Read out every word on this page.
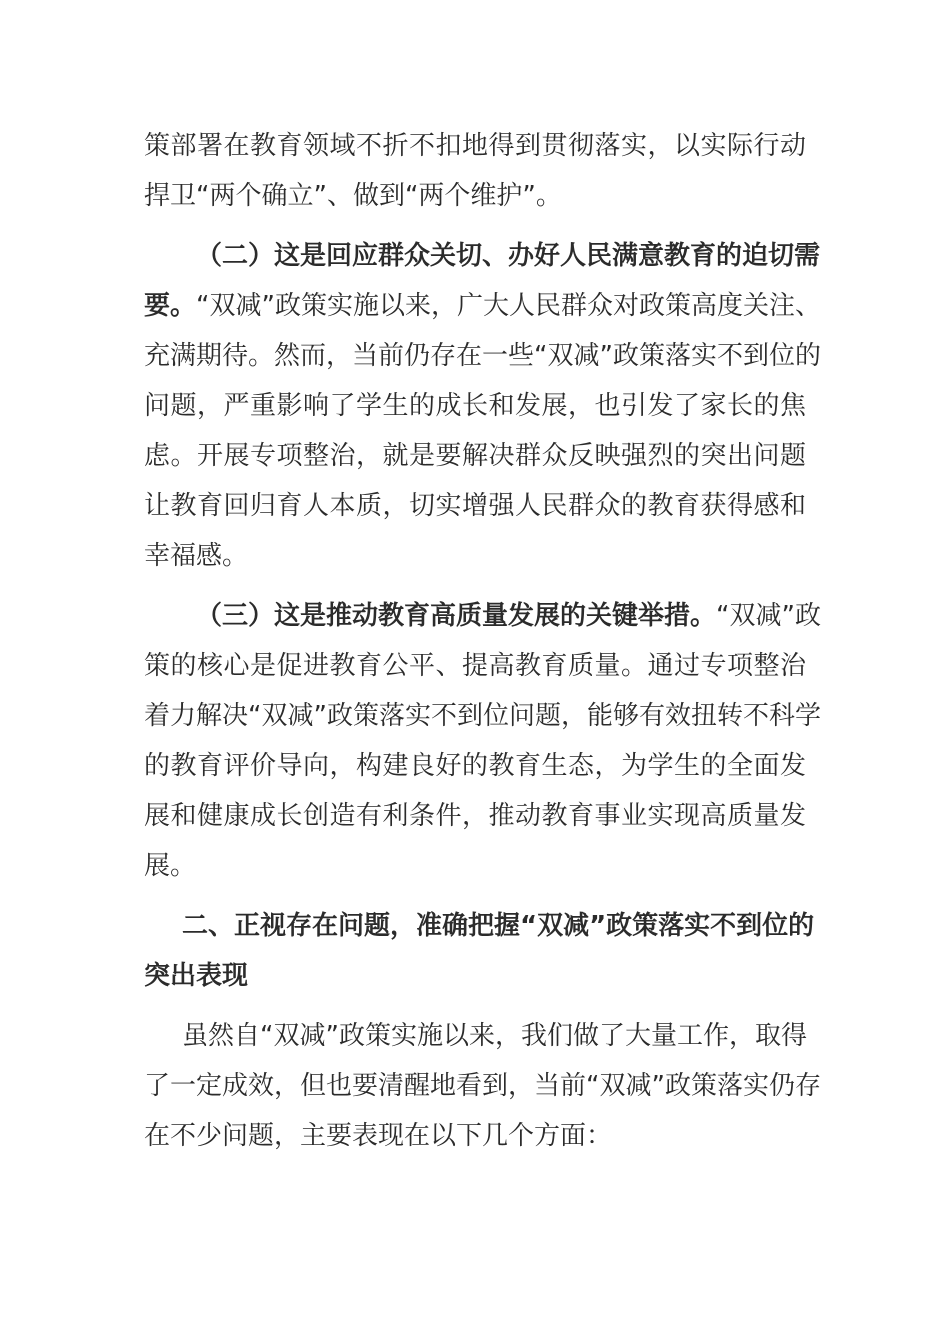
策部署在教育领域不折不扣地得到贯彻落实，以实际行动
捍卫“两个确立”、做到“两个维护”。
（二）这是回应群众关切、办好人民满意教育的迫切需
要。“双减”政策实施以来，广大人民群众对政策高度关注、
充满期待。然而，当前仍存在一些“双减”政策落实不到位的
问题，严重影响了学生的成长和发展，也引发了家长的焦
虑。开展专项整治，就是要解决群众反映强烈的突出问题
让教育回归育人本质，切实增强人民群众的教育获得感和
幸福感。
（三）这是推动教育高质量发展的关键举措。“双减”政
策的核心是促进教育公平、提高教育质量。通过专项整治
着力解决“双减”政策落实不到位问题，能够有效扭转不科学
的教育评价导向，构建良好的教育生态，为学生的全面发
展和健康成长创造有利条件，推动教育事业实现高质量发
展。
二、正视存在问题，准确把握“双减”政策落实不到位的
突出表现
虽然自“双减”政策实施以来，我们做了大量工作，取得
了一定成效，但也要清醒地看到，当前“双减”政策落实仍存
在不少问题，主要表现在以下几个方面：
